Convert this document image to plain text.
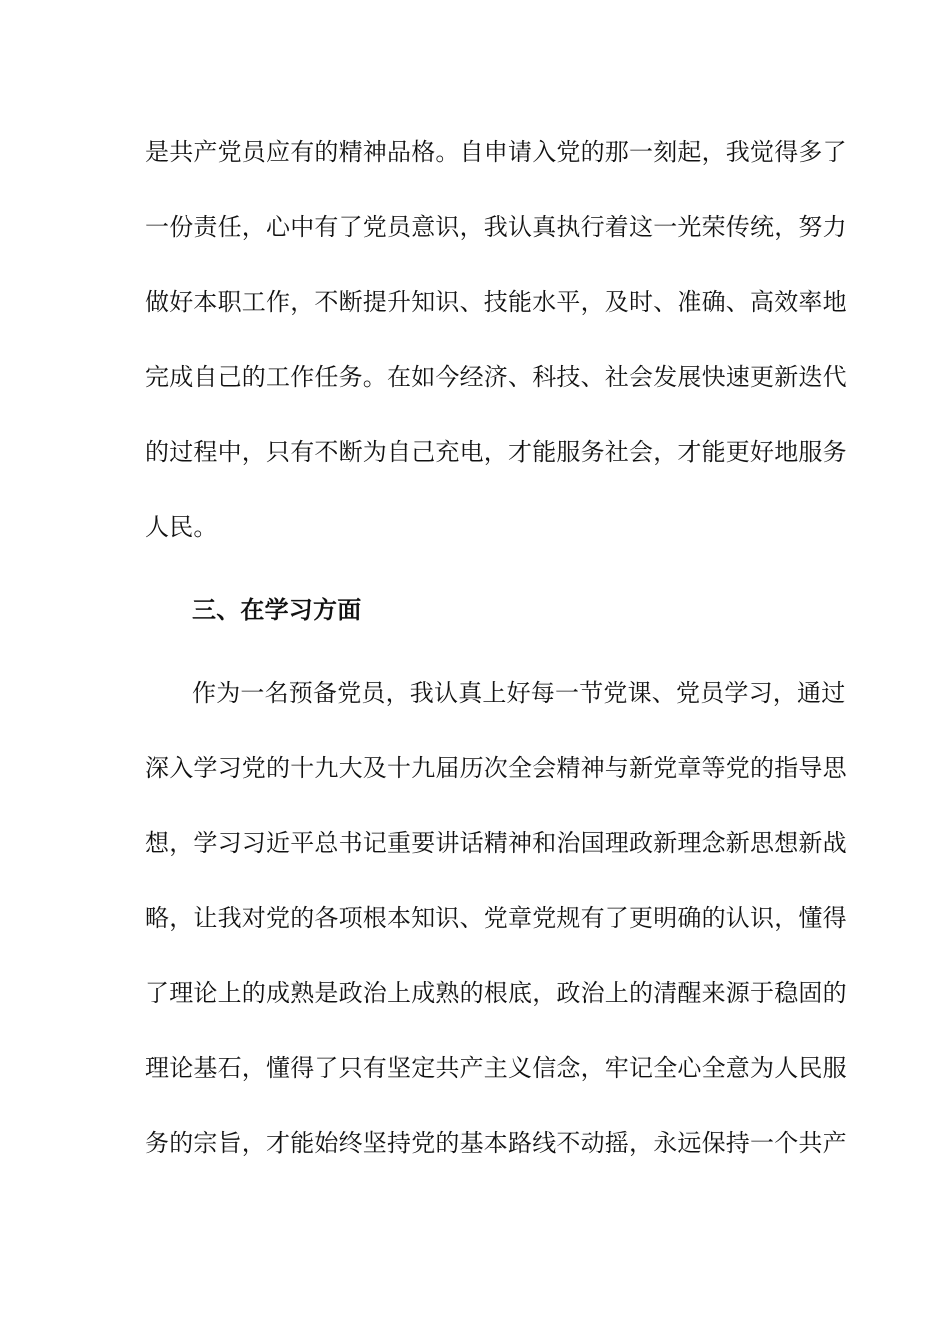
是共产党员应有的精神品格。自申请入党的那一刻起，我觉得多了
一份责任，心中有了党员意识，我认真执行着这一光荣传统，努力
做好本职工作，不断提升知识、技能水平，及时、准确、高效率地
完成自己的工作任务。在如今经济、科技、社会发展快速更新迭代
的过程中，只有不断为自己充电，才能服务社会，才能更好地服务
人民。
三、在学习方面
作为一名预备党员，我认真上好每一节党课、党员学习，通过
深入学习党的十九大及十九届历次全会精神与新党章等党的指导思
想，学习习近平总书记重要讲话精神和治国理政新理念新思想新战
略，让我对党的各项根本知识、党章党规有了更明确的认识，懂得
了理论上的成熟是政治上成熟的根底，政治上的清醒来源于稳固的
理论基石，懂得了只有坚定共产主义信念，牢记全心全意为人民服
务的宗旨，才能始终坚持党的基本路线不动摇，永远保持一个共产
